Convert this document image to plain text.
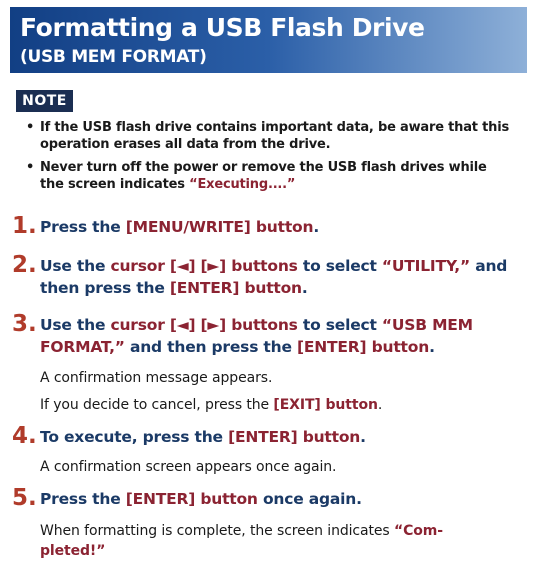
Formatting a USB Flash Drive
(USB MEM FORMAT)
NOTE
• If the USB flash drive contains important data, be aware that this operation erases all data from the drive.
• Never turn off the power or remove the USB flash drives while the screen indicates “Executing....”
1. Press the [MENU/WRITE] button.
2. Use the cursor [◄] [►] buttons to select “UTILITY,” and then press the [ENTER] button.
3. Use the cursor [◄] [►] buttons to select “USB MEM FORMAT,” and then press the [ENTER] button.
A confirmation message appears.
If you decide to cancel, press the [EXIT] button.
4. To execute, press the [ENTER] button.
A confirmation screen appears once again.
5. Press the [ENTER] button once again.
When formatting is complete, the screen indicates “Com-pleted!”
